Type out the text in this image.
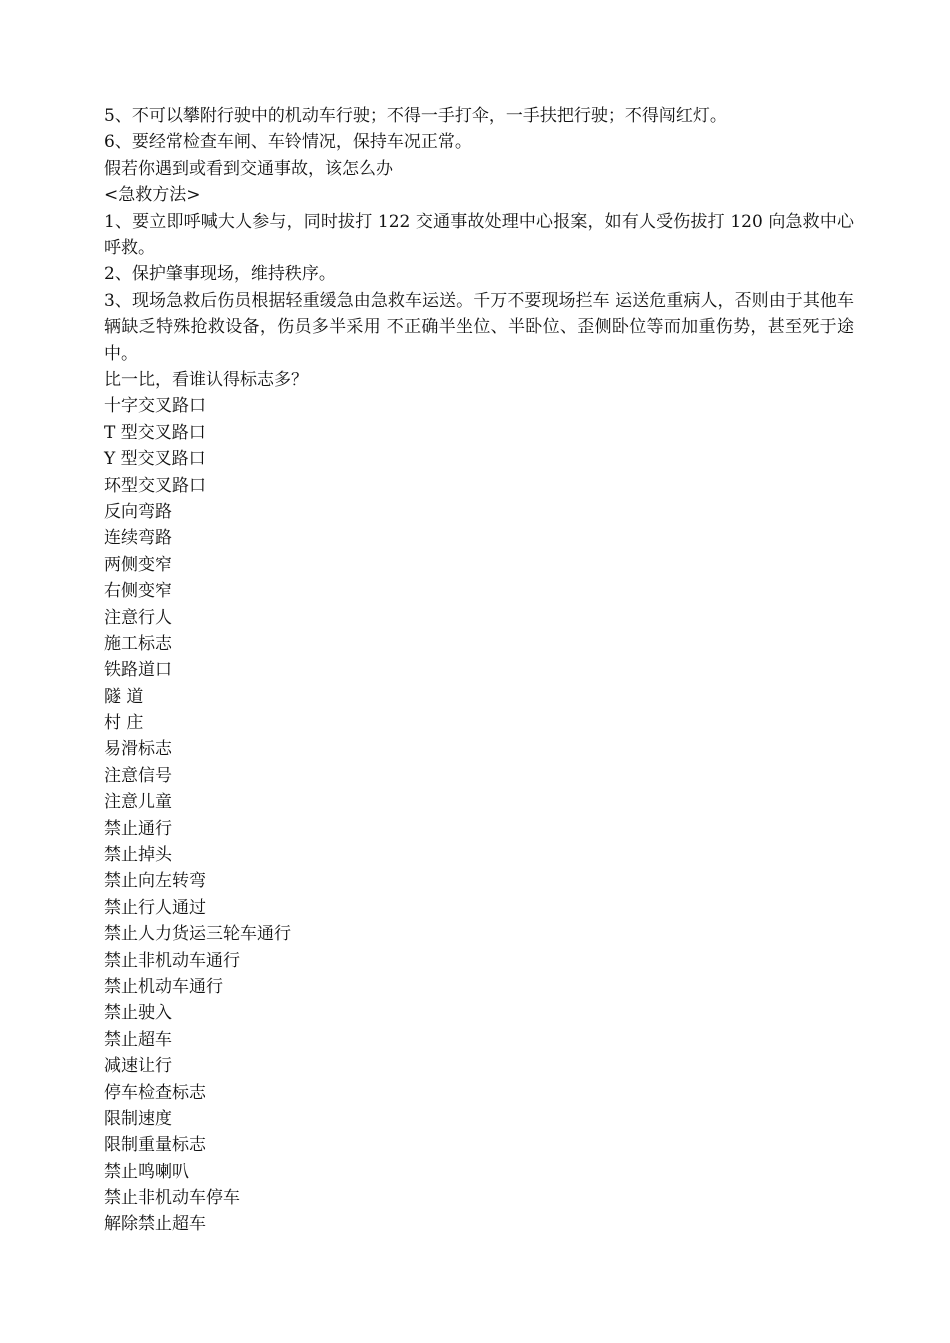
5、不可以攀附行驶中的机动车行驶；不得一手打伞，一手扶把行驶；不得闯红灯。

6、要经常检查车闸、车铃情况，保持车况正常。

假若你遇到或看到交通事故，该怎么办

<急救方法>

1、要立即呼喊大人参与，同时拔打 122 交通事故处理中心报案，如有人受伤拔打 120 向急救中心呼救。

2、保护肇事现场，维持秩序。

3、现场急救后伤员根据轻重缓急由急救车运送。千万不要现场拦车 运送危重病人，否则由于其他车辆缺乏特殊抢救设备，伤员多半采用 不正确半坐位、半卧位、歪侧卧位等而加重伤势，甚至死于途中。

比一比，看谁认得标志多？

十字交叉路口
T 型交叉路口
Y 型交叉路口
环型交叉路口
反向弯路
连续弯路
两侧变窄
右侧变窄
注意行人
施工标志
铁路道口
隧 道
村 庄
易滑标志
注意信号
注意儿童
禁止通行
禁止掉头
禁止向左转弯
禁止行人通过
禁止人力货运三轮车通行
禁止非机动车通行
禁止机动车通行
禁止驶入
禁止超车
减速让行
停车检查标志
限制速度
限制重量标志
禁止鸣喇叭
禁止非机动车停车
解除禁止超车
